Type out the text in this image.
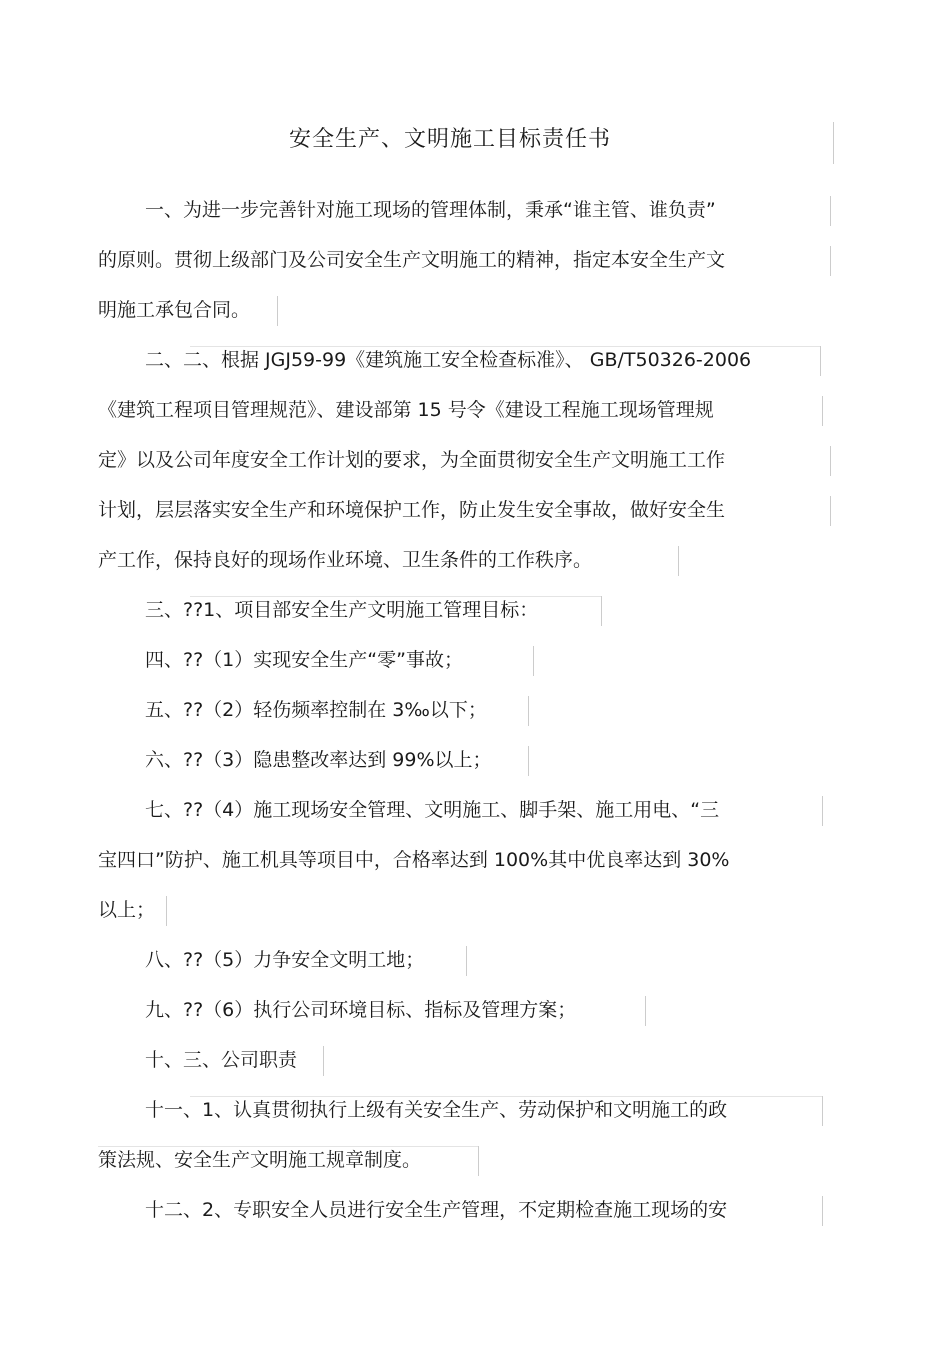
安全生产、文明施工目标责任书
一、为进一步完善针对施工现场的管理体制，秉承“谁主管、谁负责”
的原则。贯彻上级部门及公司安全生产文明施工的精神，指定本安全生产文
明施工承包合同。
二、二、根据 JGJ59-99《建筑施工安全检查标准》、 GB/T50326-2006
《建筑工程项目管理规范》、建设部第 15 号令《建设工程施工现场管理规
定》以及公司年度安全工作计划的要求，为全面贯彻安全生产文明施工工作
计划，层层落实安全生产和环境保护工作，防止发生安全事故，做好安全生
产工作，保持良好的现场作业环境、卫生条件的工作秩序。
三、??1、项目部安全生产文明施工管理目标：
四、??（1）实现安全生产“零”事故；
五、??（2）轻伤频率控制在 3‰以下；
六、??（3）隐患整改率达到 99%以上；
七、??（4）施工现场安全管理、文明施工、脚手架、施工用电、“三
宝四口”防护、施工机具等项目中，合格率达到 100%其中优良率达到 30%
以上；
八、??（5）力争安全文明工地；
九、??（6）执行公司环境目标、指标及管理方案；
十、三、公司职责
十一、1、认真贯彻执行上级有关安全生产、劳动保护和文明施工的政
策法规、安全生产文明施工规章制度。
十二、2、专职安全人员进行安全生产管理，不定期检查施工现场的安
